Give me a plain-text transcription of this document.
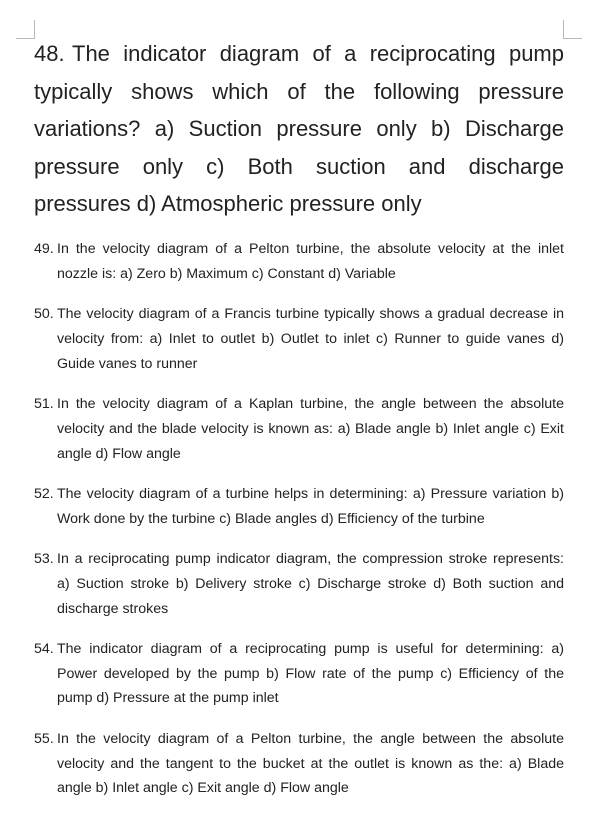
48. The indicator diagram of a reciprocating pump typically shows which of the following pressure variations? a) Suction pressure only b) Discharge pressure only c) Both suction and discharge pressures d) Atmospheric pressure only
49. In the velocity diagram of a Pelton turbine, the absolute velocity at the inlet nozzle is: a) Zero b) Maximum c) Constant d) Variable
50. The velocity diagram of a Francis turbine typically shows a gradual decrease in velocity from: a) Inlet to outlet b) Outlet to inlet c) Runner to guide vanes d) Guide vanes to runner
51. In the velocity diagram of a Kaplan turbine, the angle between the absolute velocity and the blade velocity is known as: a) Blade angle b) Inlet angle c) Exit angle d) Flow angle
52. The velocity diagram of a turbine helps in determining: a) Pressure variation b) Work done by the turbine c) Blade angles d) Efficiency of the turbine
53. In a reciprocating pump indicator diagram, the compression stroke represents: a) Suction stroke b) Delivery stroke c) Discharge stroke d) Both suction and discharge strokes
54. The indicator diagram of a reciprocating pump is useful for determining: a) Power developed by the pump b) Flow rate of the pump c) Efficiency of the pump d) Pressure at the pump inlet
55. In the velocity diagram of a Pelton turbine, the angle between the absolute velocity and the tangent to the bucket at the outlet is known as the: a) Blade angle b) Inlet angle c) Exit angle d) Flow angle
